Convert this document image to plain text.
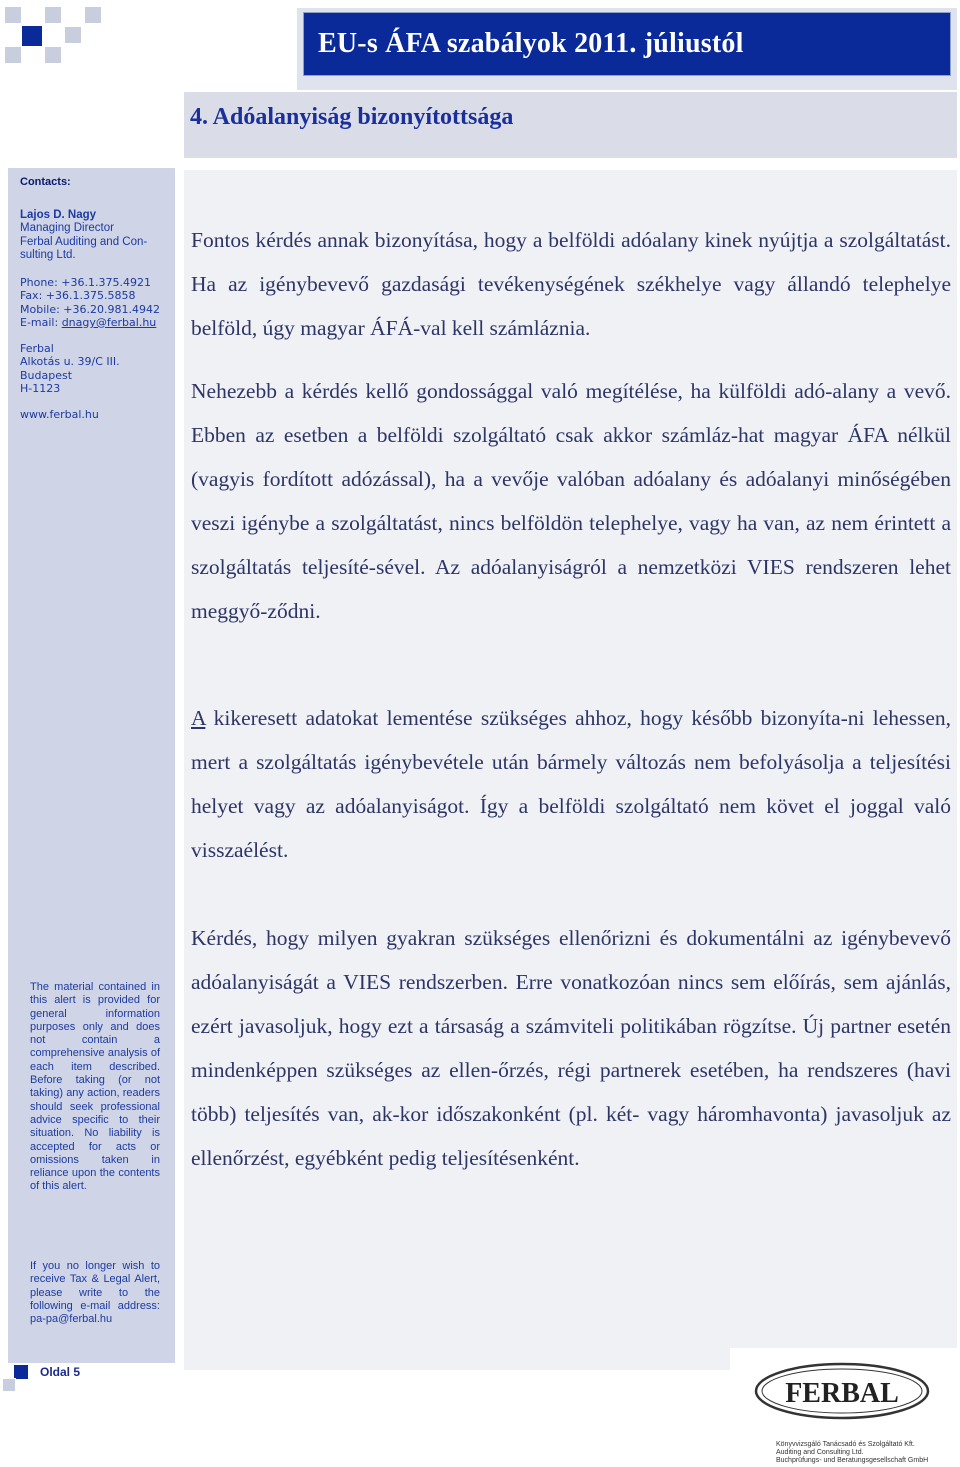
EU-s ÁFA szabályok 2011. júliustól
4. Adóalanyiság bizonyítottsága
Contacts:
Lajos D. Nagy
Managing Director
Ferbal Auditing and Con-
sulting Ltd.
Phone: +36.1.375.4921
Fax: +36.1.375.5858
Mobile: +36.20.981.4942
E-mail: dnagy@ferbal.hu
Ferbal
Alkotás u. 39/C III.
Budapest
H-1123
www.ferbal.hu
The material contained in this alert is provided for general information purposes only and does not contain a comprehensive analysis of each item described. Before taking (or not taking) any action, readers should seek professional advice specific to their situation. No liability is accepted for acts or omissions taken in reliance upon the contents of this alert.
If you no longer wish to receive Tax & Legal Alert, please write to the following e-mail address: pa-pa@ferbal.hu
Oldal 5
Fontos kérdés annak bizonyítása, hogy a belföldi adóalany kinek nyújtja a szolgáltatást. Ha az igénybevevő gazdasági tevékenységének székhelye vagy állandó telephelye belföld, úgy magyar ÁFÁ-val kell számláznia.
Nehezebb a kérdés kellő gondossággal való megítélése, ha külföldi adó-alany a vevő. Ebben az esetben a belföldi szolgáltató csak akkor számláz-hat magyar ÁFA nélkül (vagyis fordított adózással), ha a vevője valóban adóalany és adóalanyi minőségében veszi igénybe a szolgáltatást, nincs belföldön telephelye, vagy ha van, az nem érintett a szolgáltatás teljesíté-sével. Az adóalanyiságról a nemzetközi VIES rendszeren lehet meggyő-ződni.
A kikeresett adatokat lementése szükséges ahhoz, hogy később bizonyíta-ni lehessen, mert a szolgáltatás igénybevétele után bármely változás nem befolyásolja a teljesítési helyet vagy az adóalanyiságot. Így a belföldi szolgáltató nem követ el joggal való visszaélést.
Kérdés, hogy milyen gyakran szükséges ellenőrizni és dokumentálni az igénybevevő adóalanyiságát a VIES rendszerben. Erre vonatkozóan nincs sem előírás, sem ajánlás, ezért javasoljuk, hogy ezt a társaság a számviteli politikában rögzítse. Új partner esetén mindenképpen szükséges az ellen-őrzés, régi partnerek esetében, ha rendszeres (havi több) teljesítés van, ak-kor időszakonként (pl. két- vagy háromhavonta) javasoljuk az ellenőrzést, egyébként pedig teljesítésenként.
FERBAL
Könyvvizsgáló Tanácsadó és Szolgáltató Kft.
Auditing and Consulting Ltd.
Buchprüfungs- und Beratungsgesellschaft GmbH
